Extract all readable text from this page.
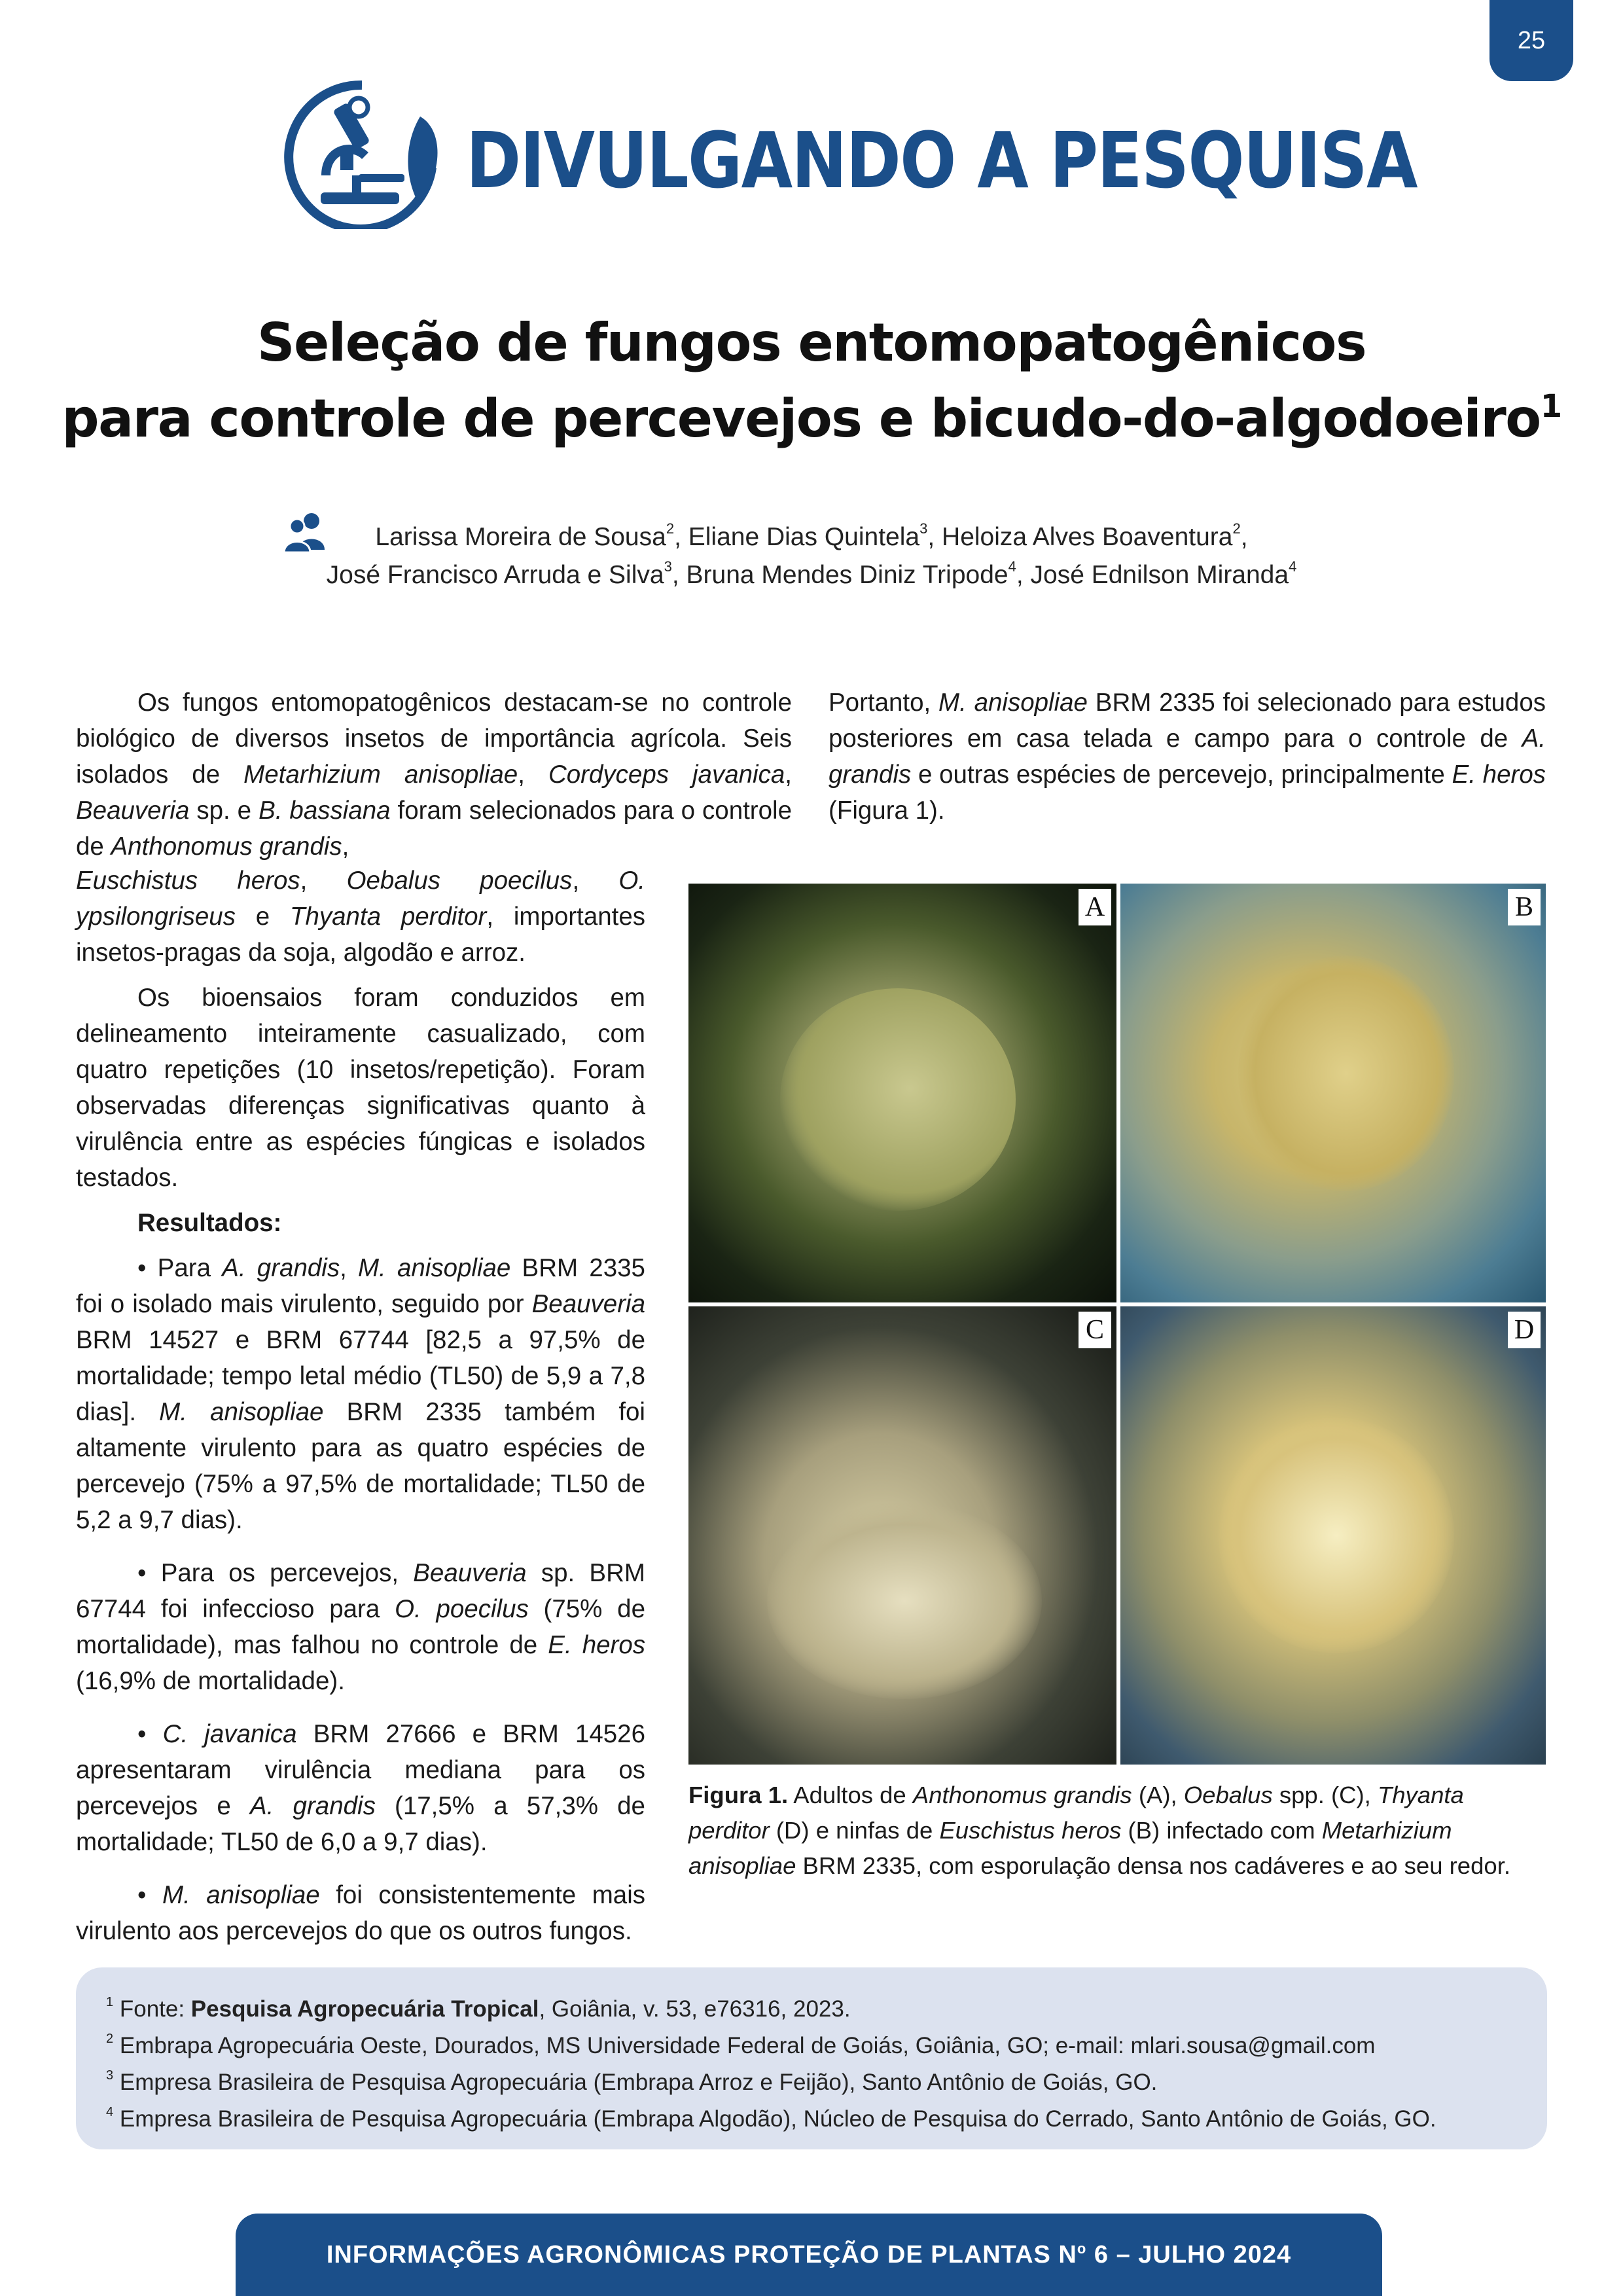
25
DIVULGANDO A PESQUISA
Seleção de fungos entomopatogênicos
para controle de percevejos e bicudo-do-algodoeiro$^1$
Larissa Moreira de Sousa$^2$, Eliane Dias Quintela$^3$, Heloiza Alves Boaventura$^2$,
José Francisco Arruda e Silva$^3$, Bruna Mendes Diniz Tripode$^4$, José Ednilson Miranda$^4$

Os fungos entomopatogênicos destacam-se no controle biológico de diversos insetos de importância agrícola. Seis isolados de Metarhizium anisopliae, Cordyceps javanica, Beauveria sp. e B. bassiana foram selecionados para o controle de Anthonomus grandis,

Euschistus heros, Oebalus poecilus, O. ypsilongriseus e Thyanta perditor, importantes insetos-pragas da soja, algodão e arroz.

Os bioensaios foram conduzidos em delineamento inteiramente casualizado, com quatro repetições (10 insetos/repetição). Foram observadas diferenças significativas quanto à virulência entre as espécies fúngicas e isolados testados.

Resultados:

• Para A. grandis, M. anisopliae BRM 2335 foi o isolado mais virulento, seguido por Beauveria BRM 14527 e BRM 67744 [82,5 a 97,5% de mortalidade; tempo letal médio (TL50) de 5,9 a 7,8 dias]. M. anisopliae BRM 2335 também foi altamente virulento para as quatro espécies de percevejo (75% a 97,5% de mortalidade; TL50 de 5,2 a 9,7 dias).

• Para os percevejos, Beauveria sp. BRM 67744 foi infeccioso para O. poecilus (75% de mortalidade), mas falhou no controle de E. heros (16,9% de mortalidade).

• C. javanica BRM 27666 e BRM 14526 apresentaram virulência mediana para os percevejos e A. grandis (17,5% a 57,3% de mortalidade; TL50 de 6,0 a 9,7 dias).

• M. anisopliae foi consistentemente mais virulento aos percevejos do que os outros fungos.

Portanto, M. anisopliae BRM 2335 foi selecionado para estudos posteriores em casa telada e campo para o controle de A. grandis e outras espécies de percevejo, principalmente E. heros (Figura 1).

A	B
C	D
Figura 1. Adultos de Anthonomus grandis (A), Oebalus spp. (C), Thyanta perditor (D) e ninfas de Euschistus heros (B) infectado com Metarhizium anisopliae BRM 2335, com esporulação densa nos cadáveres e ao seu redor.
$^1$ Fonte: Pesquisa Agropecuária Tropical, Goiânia, v. 53, e76316, 2023.
$^2$ Embrapa Agropecuária Oeste, Dourados, MS Universidade Federal de Goiás, Goiânia, GO; e-mail: mlari.sousa@gmail.com
$^3$ Empresa Brasileira de Pesquisa Agropecuária (Embrapa Arroz e Feijão), Santo Antônio de Goiás, GO.
$^4$ Empresa Brasileira de Pesquisa Agropecuária (Embrapa Algodão), Núcleo de Pesquisa do Cerrado, Santo Antônio de Goiás, GO.
INFORMAÇÕES AGRONÔMICAS PROTEÇÃO DE PLANTAS $N^o$ 6 – JULHO 2024
